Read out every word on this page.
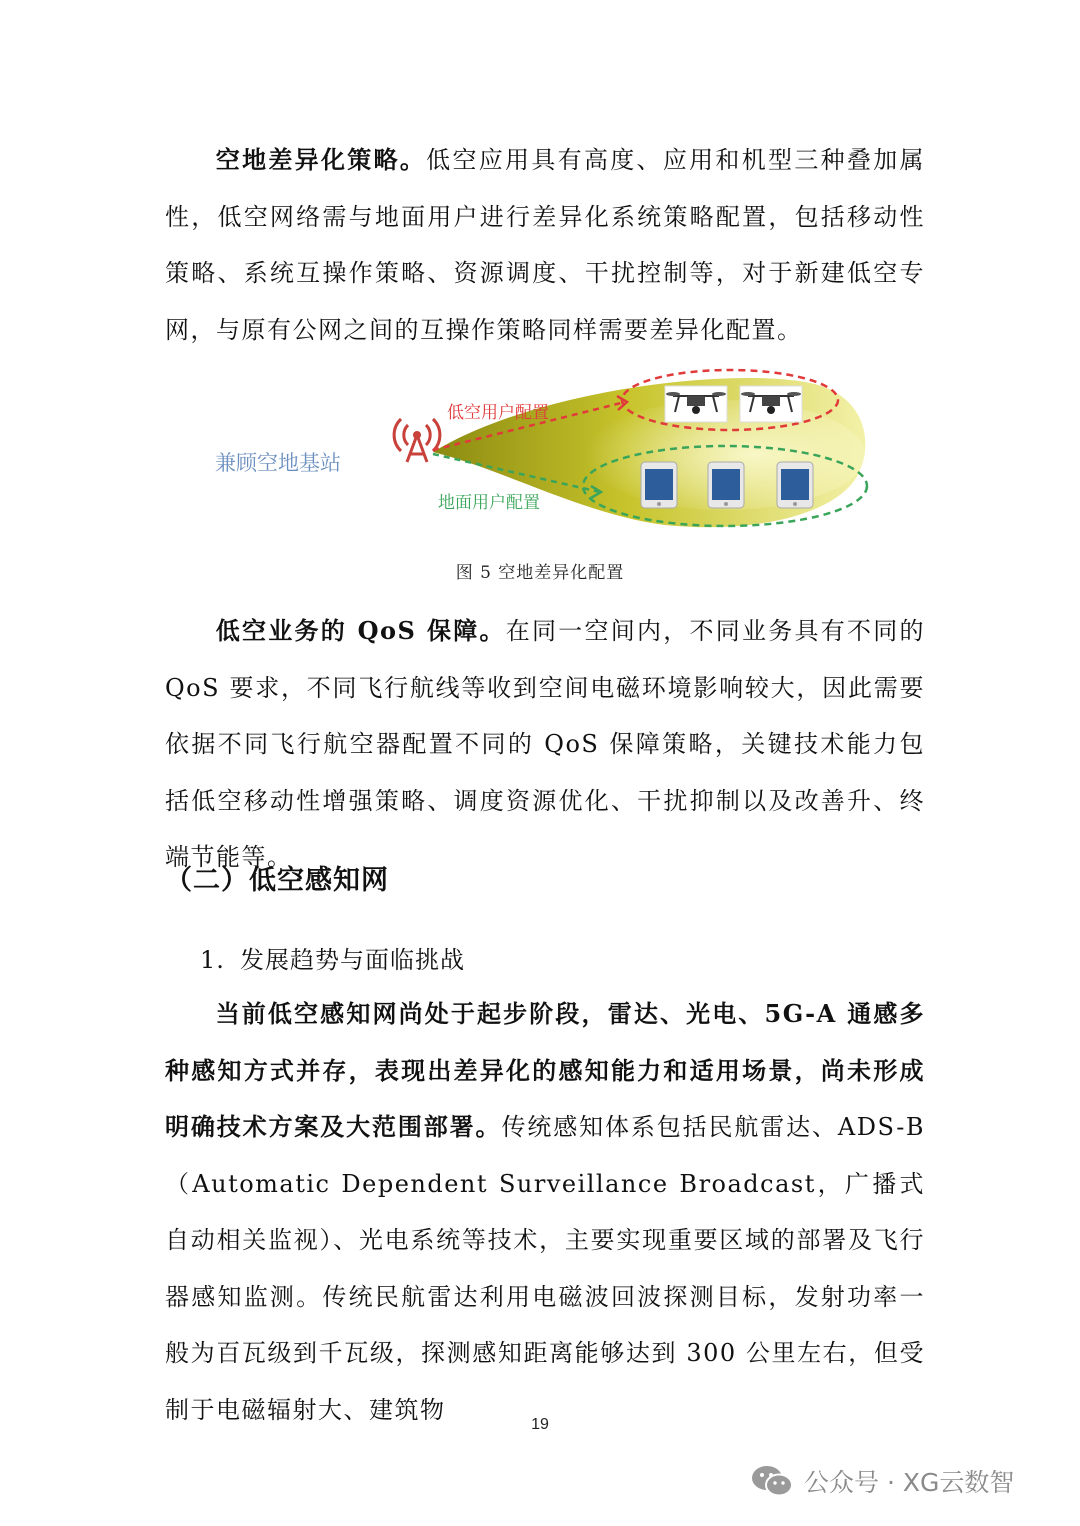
空地差异化策略。低空应用具有高度、应用和机型三种叠加属性，低空网络需与地面用户进行差异化系统策略配置，包括移动性策略、系统互操作策略、资源调度、干扰控制等，对于新建低空专网，与原有公网之间的互操作策略同样需要差异化配置。

兼顾空地基站
低空用户配置
地面用户配置
图 5 空地差异化配置

低空业务的 QoS 保障。在同一空间内，不同业务具有不同的 QoS 要求，不同飞行航线等收到空间电磁环境影响较大，因此需要依据不同飞行航空器配置不同的 QoS 保障策略，关键技术能力包括低空移动性增强策略、调度资源优化、干扰抑制以及改善升、终端节能等。

（二）低空感知网

1. 发展趋势与面临挑战

当前低空感知网尚处于起步阶段，雷达、光电、5G-A 通感多种感知方式并存，表现出差异化的感知能力和适用场景，尚未形成明确技术方案及大范围部署。传统感知体系包括民航雷达、ADS-B（Automatic Dependent Surveillance Broadcast，广播式自动相关监视）、光电系统等技术，主要实现重要区域的部署及飞行器感知监测。传统民航雷达利用电磁波回波探测目标，发射功率一般为百瓦级到千瓦级，探测感知距离能够达到 300 公里左右，但受制于电磁辐射大、建筑物

19
公众号 · XG云数智
